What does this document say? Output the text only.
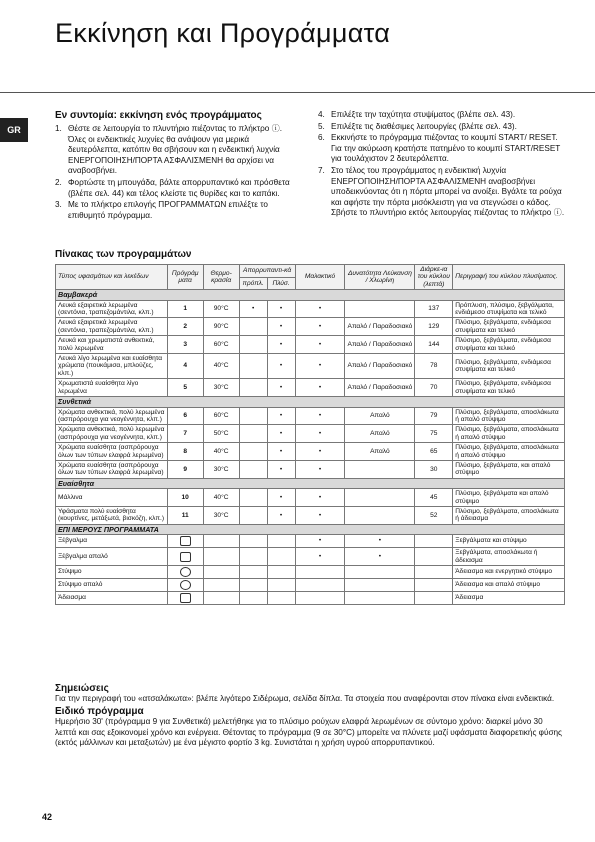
Εκκίνηση και Προγράμματα
GR
Εν συντομία: εκκίνηση ενός προγράμματος
1. Θέστε σε λειτουργία το πλυντήριο πιέζοντας το πλήκτρο ⓘ. Όλες οι ενδεικτικές λυχνίες θα ανάψουν για μερικά δευτερόλεπτα, κατόπιν θα σβήσουν και η ενδεικτική λυχνία ΕΝΕΡΓΟΠΟΙΗΣΗ/ΠΟΡΤΑ ΑΣΦΑΛΙΣΜΕΝΗ θα αρχίσει να αναβοσβήνει.
2. Φορτώστε τη μπουγάδα, βάλτε απορρυπαντικό και πρόσθετα (βλέπε σελ. 44) και τέλος κλείστε τις θυρίδες και το καπάκι.
3. Με το πλήκτρο επιλογής ΠΡΟΓΡΑΜΜΑΤΩΝ επιλέξτε το επιθυμητό πρόγραμμα.
4. Επιλέξτε την ταχύτητα στυψίματος (βλέπε σελ. 43).
5. Επιλέξτε τις διαθέσιμες λειτουργίες (βλέπε σελ. 43).
6. Εκκινήστε το πρόγραμμα πιέζοντας το κουμπί START/ RESET. Για την ακύρωση κρατήστε πατημένο το κουμπί START/RESET για τουλάχιστον 2 δευτερόλεπτα.
7. Στο τέλος του προγράμματος η ενδεικτική λυχνία ΕΝΕΡΓΟΠΟΙΗΣΗ/ΠΟΡΤΑ ΑΣΦΑΛΙΣΜΕΝΗ αναβοσβήνει υποδεικνύοντας ότι η πόρτα μπορεί να ανοίξει. Βγάλτε τα ρούχα και αφήστε την πόρτα μισόκλειστη για να στεγνώσει ο κάδος. Σβήστε το πλυντήριο εκτός λειτουργίας πιέζοντας το πλήκτρο ⓘ.
Πίνακας των προγραμμάτων
Τύπος υφασμάτων και λεκέδων	Πρόγράμ ματα	Θερμο-κρασία	Απορρυπαντι-κά		Μαλακτικό	Δυνατότητα Λεύκανση / Χλωρίνη	Διάρκε-ια του κύκλου (λεπτά)	Περιγραφή του κύκλου πλυσίματος.
			πρόπλ.	Πλύσ.				
Βαμβακερά								
Λευκά εξαιρετικά λερωμένα (σεντόνια, τραπεζομάντιλα, κλπ.)	1	90°C	•	•	•		137	Πρόπλυση, πλύσιμο, ξεβγάλματα, ενδιάμεσο στυψίματα και τελικό
Λευκά εξαιρετικά λερωμένα (σεντόνια, τραπεζομάντιλα, κλπ.)	2	90°C		•	•	Απαλό / Παραδοσιακό	129	Πλύσιμο, ξεβγάλματα, ενδιάμεσα στυψίματα και τελικό
Λευκά και χρωματιστά ανθεκτικά, πολύ λερωμένα	3	60°C		•	•	Απαλό / Παραδοσιακό	144	Πλύσιμο, ξεβγάλματα, ενδιάμεσα στυψίματα και τελικό
Λευκά λίγο λερωμένα και ευαίσθητα χρώματα (πουκάμισα, μπλούζες, κλπ.)	4	40°C		•	•	Απαλό / Παραδοσιακό	78	Πλύσιμο, ξεβγάλματα, ενδιάμεσα στυψίματα και τελικό
Χρωματιστά ευαίσθητα λίγο λερωμένα	5	30°C		•	•	Απαλό / Παραδοσιακό	70	Πλύσιμο, ξεβγάλματα, ενδιάμεσα στυψίματα και τελικό
Συνθετικά								
Χρώματα ανθεκτικά, πολύ λερωμένα (ασπρόρουχα για νεογέννητα, κλπ.)	6	60°C		•	•	Απαλό	79	Πλύσιμο, ξεβγάλματα, αποσλάκωτα ή απαλό στύψιμο
Χρώματα ανθεκτικά, πολύ λερωμένα (ασπρόρουχα για νεογέννητα, κλπ.)	7	50°C		•	•	Απαλό	75	Πλύσιμο, ξεβγάλματα, αποσλάκωτα ή απαλό στύψιμο
Χρώματα ευαίσθητα (ασπρόρουχα όλων των τύπων ελαφρά λερωμένα)	8	40°C		•	•	Απαλό	65	Πλύσιμο, ξεβγάλματα, αποσλάκωτα ή απαλό στύψιμο
Χρώματα ευαίσθητα (ασπρόρουχα όλων των τύπων ελαφρά λερωμένα)	9	30°C		•	•		30	Πλύσιμο, ξεβγάλματα, και απαλό στύψιμο
Ευαίσθητα								
Μάλλινα	10	40°C		•	•		45	Πλύσιμο, ξεβγάλματα και απαλό στύψιμο
Υφάσματα πολύ ευαίσθητα (κουρτίνες, μετάξωτά, βισκόζη, κλπ.)	11	30°C		•	•		52	Πλύσιμο, ξεβγάλματα, αποσλάκωτα ή άδειασμα
ΕΠΙ ΜΕΡΟΥΣ ΠΡΟΓΡΑΜΜΑΤΑ								
Ξέβγαλμα					•	•		Ξεβγάλματα και στύψιμο
Ξέβγαλμα απαλό					•	•		Ξεβγάλματα, αποσλάκωτα ή άδειασμα
Στύψιμο								Άδειασμα και ενεργητικό στύψιμο
Στύψιμο απαλό								Άδειασμα και απαλό στύψιμο
Άδειασμα								Άδειασμα
Σημειώσεις

Για την περιγραφή του «ατσαλάκωτα»: βλέπε λιγότερο Σιδέρωμα, σελίδα δίπλα. Τα στοιχεία που αναφέρονται στον πίνακα είναι ενδεικτικά.

Ειδικό πρόγραμμα

Ημερήσιο 30' (πρόγραμμα 9 για Συνθετικά) μελετήθηκε για το πλύσιμο ρούχων ελαφρά λερωμένων σε σύντομο χρόνο: διαρκεί μόνο 30 λεπτά και σας εξοικονομεί χρόνο και ενέργεια. Θέτοντας το πρόγραμμα (9 σε 30°C) μπορείτε να πλύνετε μαζί υφάσματα διαφορετικής φύσης (εκτός μάλλινων και μεταξωτών) με ένα μέγιστο φορτίο 3 kg. Συνιστάται η χρήση υγρού απορρυπαντικού.

42
